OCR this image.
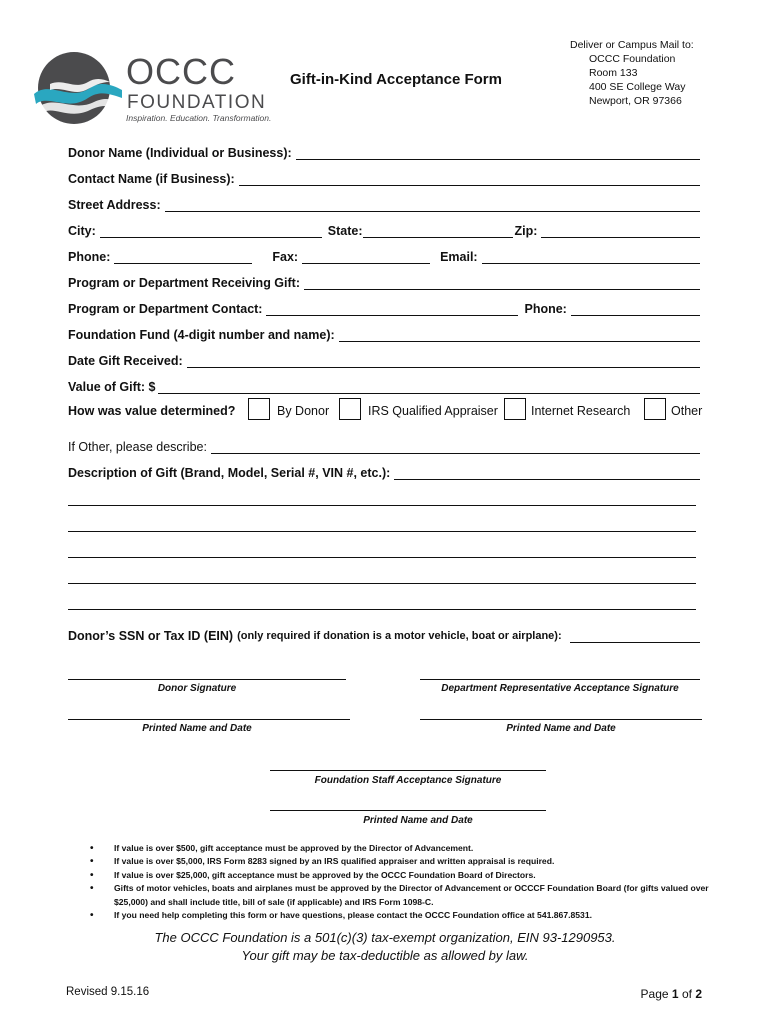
OCCC
FOUNDATION
Inspiration. Education. Transformation.
Gift-in-Kind Acceptance Form
Deliver or Campus Mail to:
OCCC Foundation
Room 133
400 SE College Way
Newport, OR 97366
Donor Name (Individual or Business):
Contact Name (if Business):
Street Address:
City:	State:	Zip:
Phone:	Fax:	Email:
Program or Department Receiving Gift:
Program or Department Contact:	Phone:
Foundation Fund (4-digit number and name):
Date Gift Received:
Value of Gift: $
How was value determined?	By Donor	IRS Qualified Appraiser	Internet Research	Other
If Other, please describe:
Description of Gift (Brand, Model, Serial #, VIN #, etc.):
Donor’s SSN or Tax ID (EIN) (only required if donation is a motor vehicle, boat or airplane):
Donor Signature	Department Representative Acceptance Signature
Printed Name and Date	Printed Name and Date
Foundation Staff Acceptance Signature
Printed Name and Date
• If value is over $500, gift acceptance must be approved by the Director of Advancement.
• If value is over $5,000, IRS Form 8283 signed by an IRS qualified appraiser and written appraisal is required.
• If value is over $25,000, gift acceptance must be approved by the OCCC Foundation Board of Directors.
• Gifts of motor vehicles, boats and airplanes must be approved by the Director of Advancement or OCCCF Foundation Board (for gifts valued over $25,000) and shall include title, bill of sale (if applicable) and IRS Form 1098-C.
• If you need help completing this form or have questions, please contact the OCCC Foundation office at 541.867.8531.
The OCCC Foundation is a 501(c)(3) tax-exempt organization, EIN 93-1290953.
Your gift may be tax-deductible as allowed by law.
Revised 9.15.16	Page 1 of 2
